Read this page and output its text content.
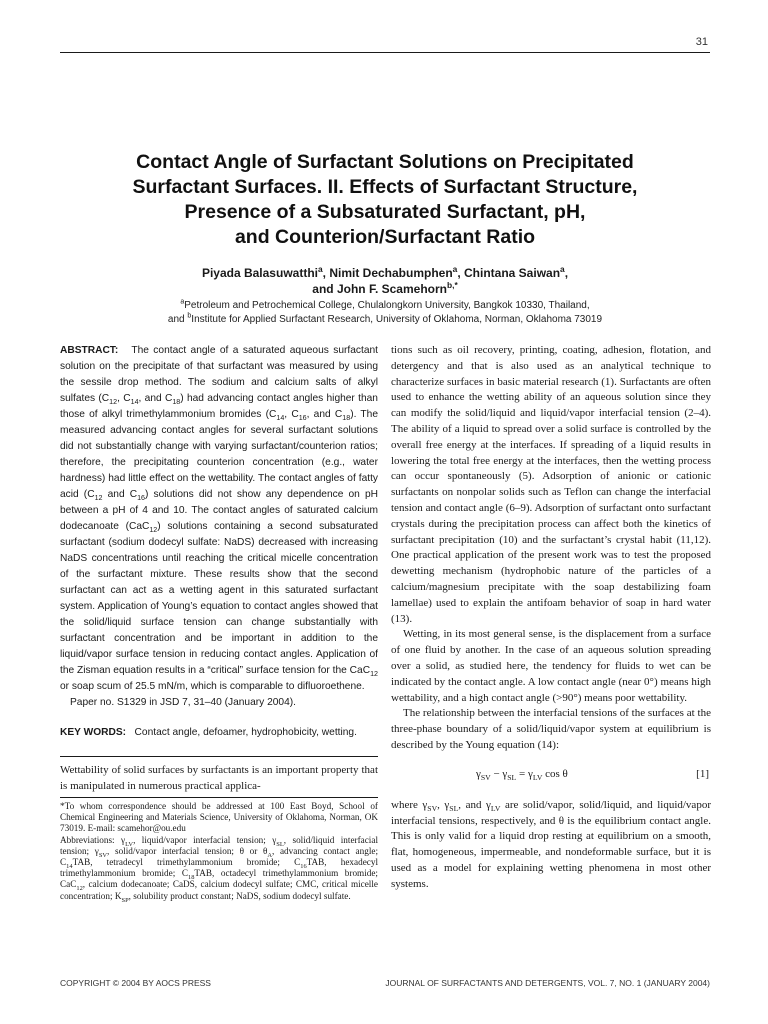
31
Contact Angle of Surfactant Solutions on Precipitated
Surfactant Surfaces. II. Effects of Surfactant Structure,
Presence of a Subsaturated Surfactant, pH,
and Counterion/Surfactant Ratio
Piyada Balasuwatthi$^a$, Nimit Dechabumphen$^a$, Chintana Saiwan$^a$,
and John F. Scamehorn$^{b,*}$
$^a$Petroleum and Petrochemical College, Chulalongkorn University, Bangkok 10330, Thailand,
and $^b$Institute for Applied Surfactant Research, University of Oklahoma, Norman, Oklahoma 73019

ABSTRACT: The contact angle of a saturated aqueous surfactant solution on the precipitate of that surfactant was measured by using the sessile drop method. The sodium and calcium salts of alkyl sulfates ($C_{12}$, $C_{14}$, and $C_{18}$) had advancing contact angles higher than those of alkyl trimethylammonium bromides ($C_{14}$, $C_{16}$, and $C_{18}$). The measured advancing contact angles for several surfactant solutions did not substantially change with varying surfactant/counterion ratios; therefore, the precipitating counterion concentration (e.g., water hardness) had little effect on the wettability. The contact angles of fatty acid ($C_{12}$ and $C_{16}$) solutions did not show any dependence on pH between a pH of 4 and 10. The contact angles of saturated calcium dodecanoate (CaC$_{12}$) solutions containing a second subsaturated surfactant (sodium dodecyl sulfate: NaDS) decreased with increasing NaDS concentrations until reaching the critical micelle concentration of the surfactant mixture. These results show that the second surfactant can act as a wetting agent in this saturated surfactant system. Application of Young’s equation to contact angles showed that the solid/liquid surface tension can change substantially with surfactant concentration and be important in addition to the liquid/vapor surface tension in reducing contact angles. Application of the Zisman equation results in a “critical” surface tension for the CaC$_{12}$ or soap scum of 25.5 mN/m, which is comparable to difluoroethene.

Paper no. S1329 in JSD 7, 31–40 (January 2004).

KEY WORDS: Contact angle, defoamer, hydrophobicity, wetting.

Wettability of solid surfaces by surfactants is an important property that is manipulated in numerous practical applica-

*To whom correspondence should be addressed at 100 East Boyd, School of Chemical Engineering and Materials Science, University of Oklahoma, Norman, OK 73019. E-mail: scamehor@ou.edu

Abbreviations: $\gamma_{LV}$, liquid/vapor interfacial tension; $\gamma_{SL}$, solid/liquid interfacial tension; $\gamma_{SV}$, solid/vapor interfacial tension; θ or $\theta_A$, advancing contact angle; $C_{14}TAB$, tetradecyl trimethylammonium bromide; $C_{16}TAB$, hexadecyl trimethylammonium bromide; $C_{18}TAB$, octadecyl trimethylammonium bromide; CaC$_{12}$, calcium dodecanoate; CaDS, calcium dodecyl sulfate; CMC, critical micelle concentration; $K_{SP}$, solubility product constant; NaDS, sodium dodecyl sulfate.

tions such as oil recovery, printing, coating, adhesion, flotation, and detergency and that is also used as an analytical technique to characterize surfaces in basic material research (1). Surfactants are often used to enhance the wetting ability of an aqueous solution since they can modify the solid/liquid and liquid/vapor interfacial tension (2–4). The ability of a liquid to spread over a solid surface is controlled by the overall free energy at the interfaces. If spreading of a liquid results in lowering the total free energy at the interfaces, then the wetting process can occur spontaneously (5). Adsorption of anionic or cationic surfactants on nonpolar solids such as Teflon can change the interfacial tension and contact angle (6–9). Adsorption of surfactant onto surfactant crystals during the precipitation process can affect both the kinetics of surfactant precipitation (10) and the surfactant’s crystal habit (11,12). One practical application of the present work was to test the proposed dewetting mechanism (hydrophobic nature of the particles of a calcium/magnesium precipitate with the soap destabilizing foam lamellae) used to explain the antifoam behavior of soap in hard water (13).

Wetting, in its most general sense, is the displacement from a surface of one fluid by another. In the case of an aqueous solution spreading over a solid, as studied here, the tendency for fluids to wet can be indicated by the contact angle. A low contact angle (near 0°) means high wettability, and a high contact angle (>90°) means poor wettability.

The relationship between the interfacial tensions of the surfaces at the three-phase boundary of a solid/liquid/vapor system at equilibrium is described by the Young equation (14):

$\gamma_{SV} - \gamma_{SL} = \gamma_{LV}$ cos θ	[1]

where $\gamma_{SV}$, $\gamma_{SL}$, and $\gamma_{LV}$ are solid/vapor, solid/liquid, and liquid/vapor interfacial tensions, respectively, and θ is the equilibrium contact angle. This is only valid for a liquid drop resting at equilibrium on a smooth, flat, homogeneous, impermeable, and nondeformable surface, but it is used as a model for explaining wetting phenomena in most other systems.

COPYRIGHT © 2004 BY AOCS PRESS	JOURNAL OF SURFACTANTS AND DETERGENTS, VOL. 7, NO. 1 (JANUARY 2004)
